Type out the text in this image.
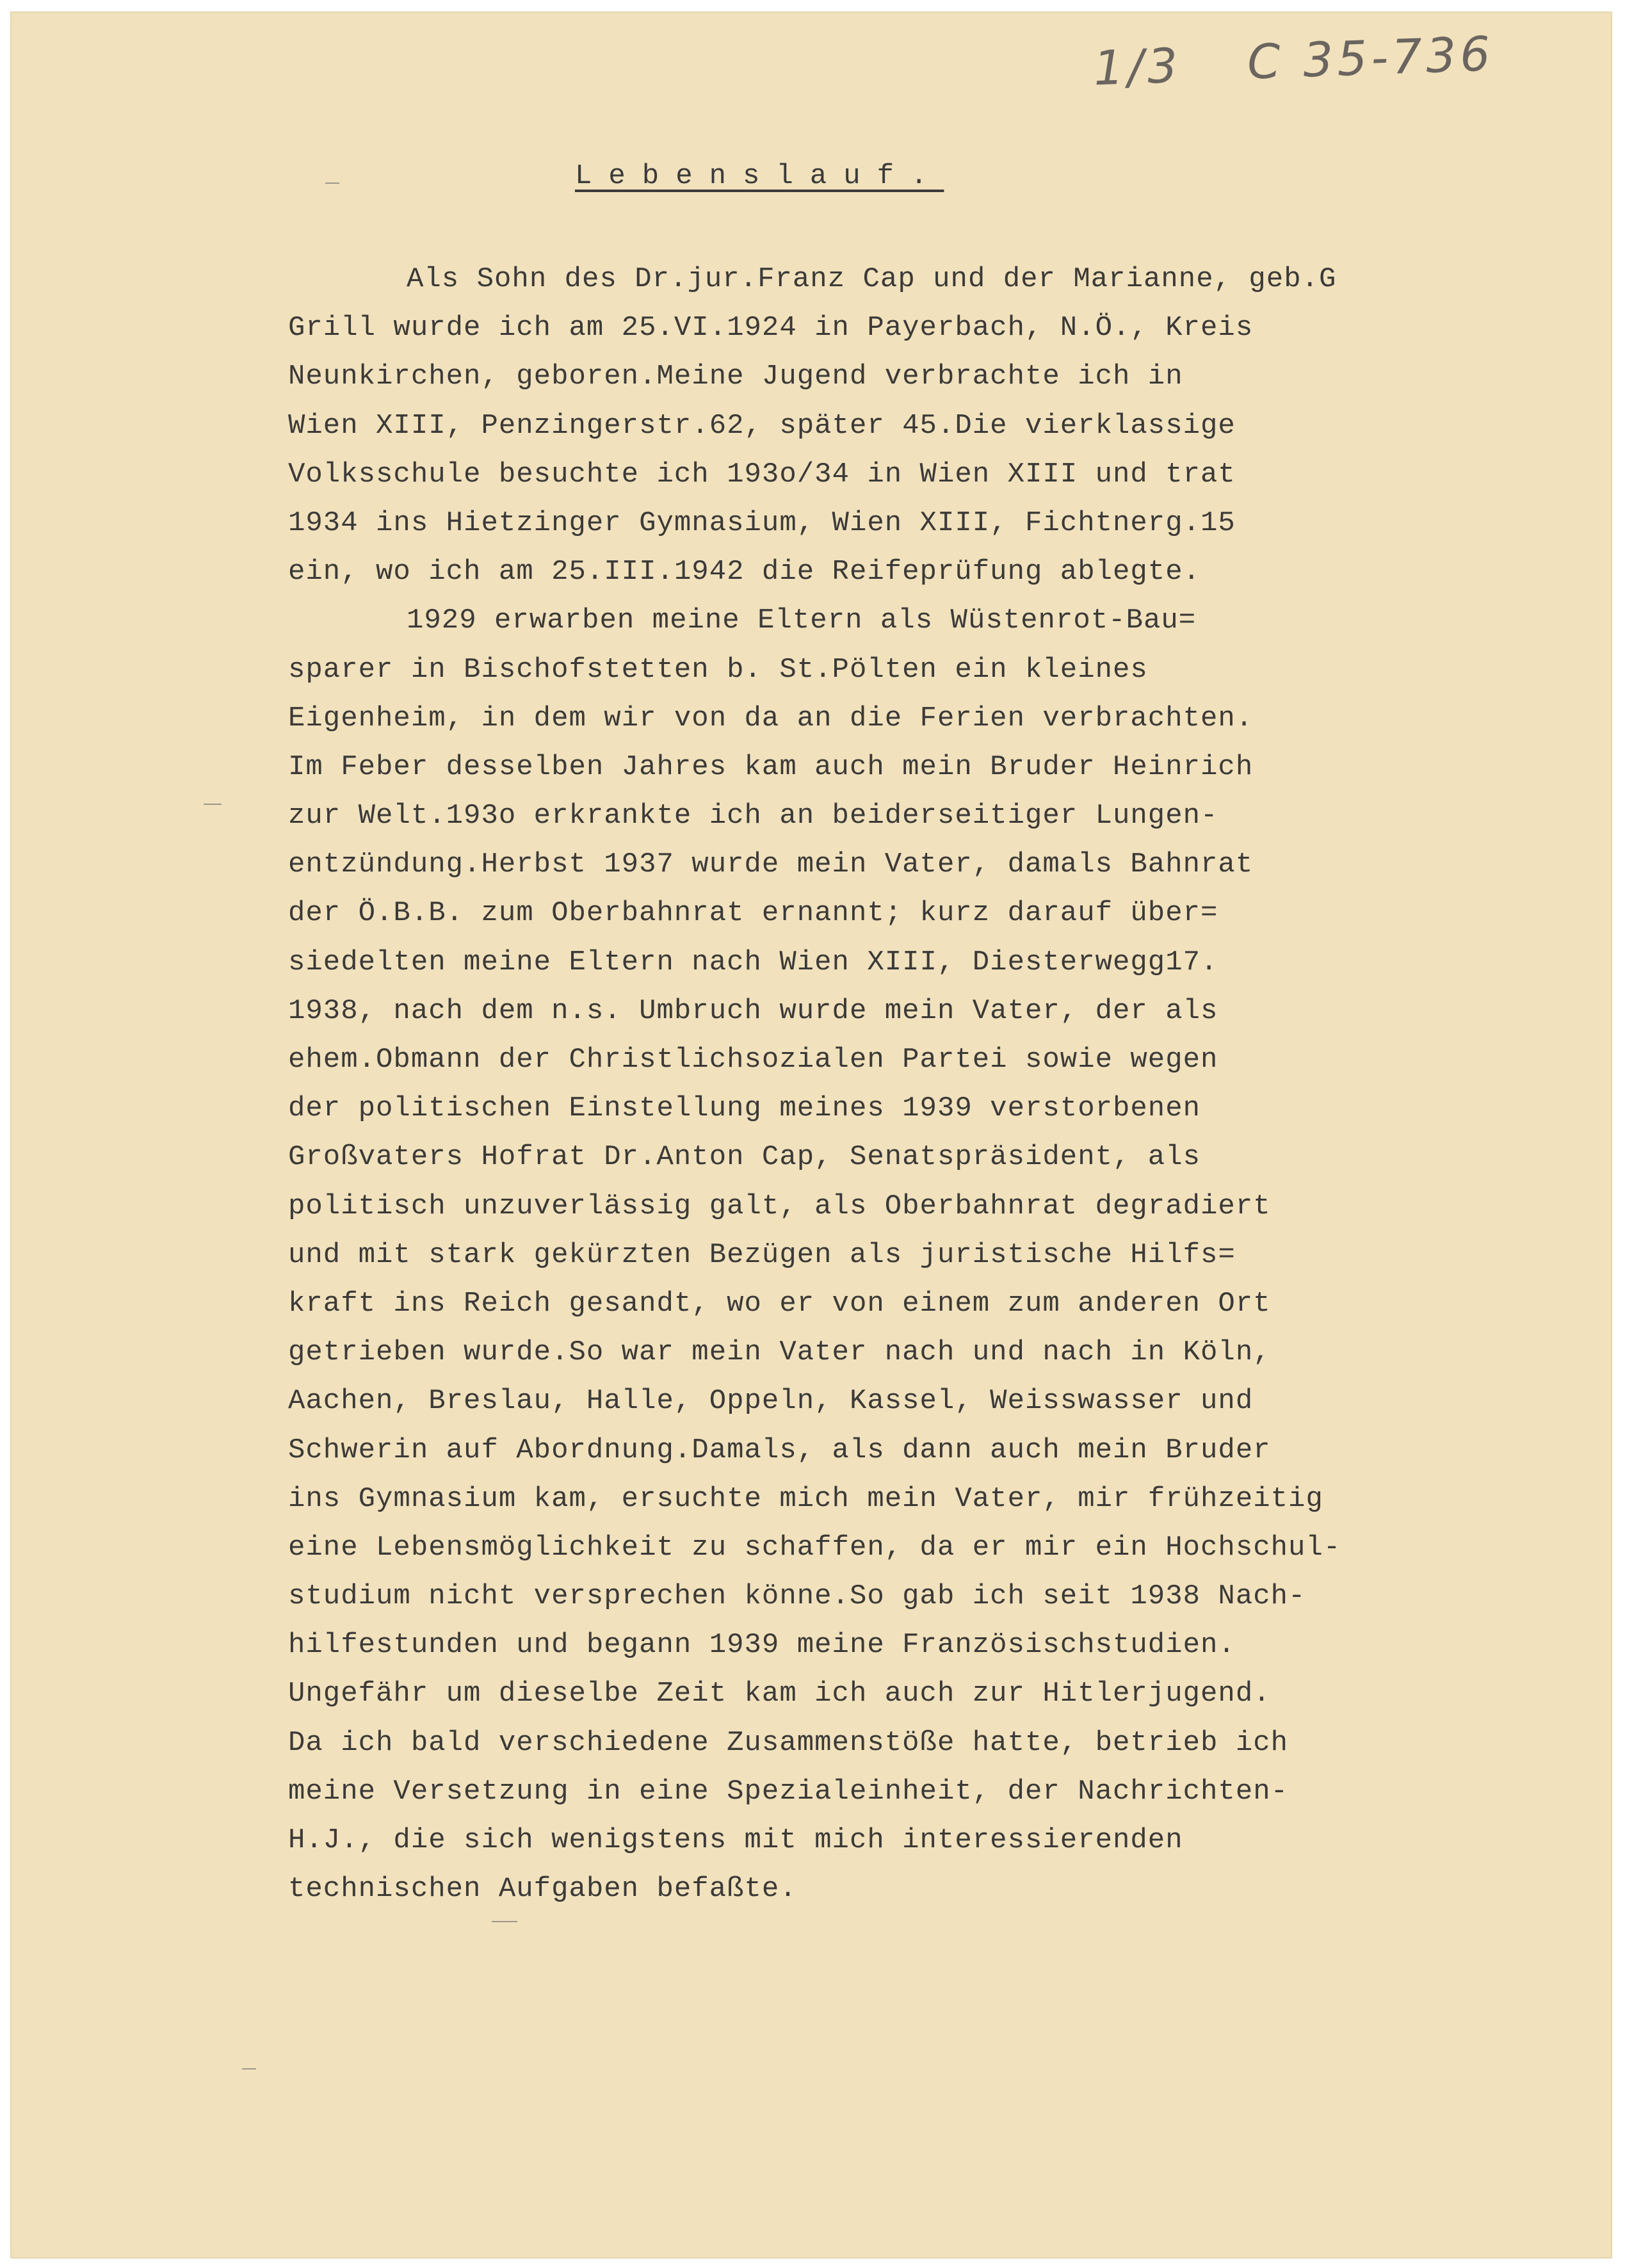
1/3 C 35-736
Lebenslauf.
Als Sohn des Dr.jur.Franz Cap und der Marianne, geb.G
Grill wurde ich am 25.VI.1924 in Payerbach, N.Ö., Kreis
Neunkirchen, geboren.Meine Jugend verbrachte ich in
Wien XIII, Penzingerstr.62, später 45.Die vierklassige
Volksschule besuchte ich 193o/34 in Wien XIII und trat
1934 ins Hietzinger Gymnasium, Wien XIII, Fichtnerg.15
ein, wo ich am 25.III.1942 die Reifeprüfung ablegte.
1929 erwarben meine Eltern als Wüstenrot-Bau=
sparer in Bischofstetten b. St.Pölten ein kleines
Eigenheim, in dem wir von da an die Ferien verbrachten.
Im Feber desselben Jahres kam auch mein Bruder Heinrich
zur Welt.193o erkrankte ich an beiderseitiger Lungen-
entzündung.Herbst 1937 wurde mein Vater, damals Bahnrat
der Ö.B.B. zum Oberbahnrat ernannt; kurz darauf über=
siedelten meine Eltern nach Wien XIII, Diesterwegg17.
1938, nach dem n.s. Umbruch wurde mein Vater, der als
ehem.Obmann der Christlichsozialen Partei sowie wegen
der politischen Einstellung meines 1939 verstorbenen
Großvaters Hofrat Dr.Anton Cap, Senatspräsident, als
politisch unzuverlässig galt, als Oberbahnrat degradiert
und mit stark gekürzten Bezügen als juristische Hilfs=
kraft ins Reich gesandt, wo er von einem zum anderen Ort
getrieben wurde.So war mein Vater nach und nach in Köln,
Aachen, Breslau, Halle, Oppeln, Kassel, Weisswasser und
Schwerin auf Abordnung.Damals, als dann auch mein Bruder
ins Gymnasium kam, ersuchte mich mein Vater, mir frühzeitig
eine Lebensmöglichkeit zu schaffen, da er mir ein Hochschul-
studium nicht versprechen könne.So gab ich seit 1938 Nach-
hilfestunden und begann 1939 meine Französischstudien.
Ungefähr um dieselbe Zeit kam ich auch zur Hitlerjugend.
Da ich bald verschiedene Zusammenstöße hatte, betrieb ich
meine Versetzung in eine Spezialeinheit, der Nachrichten-
H.J., die sich wenigstens mit mich interessierenden
technischen Aufgaben befaßte.
